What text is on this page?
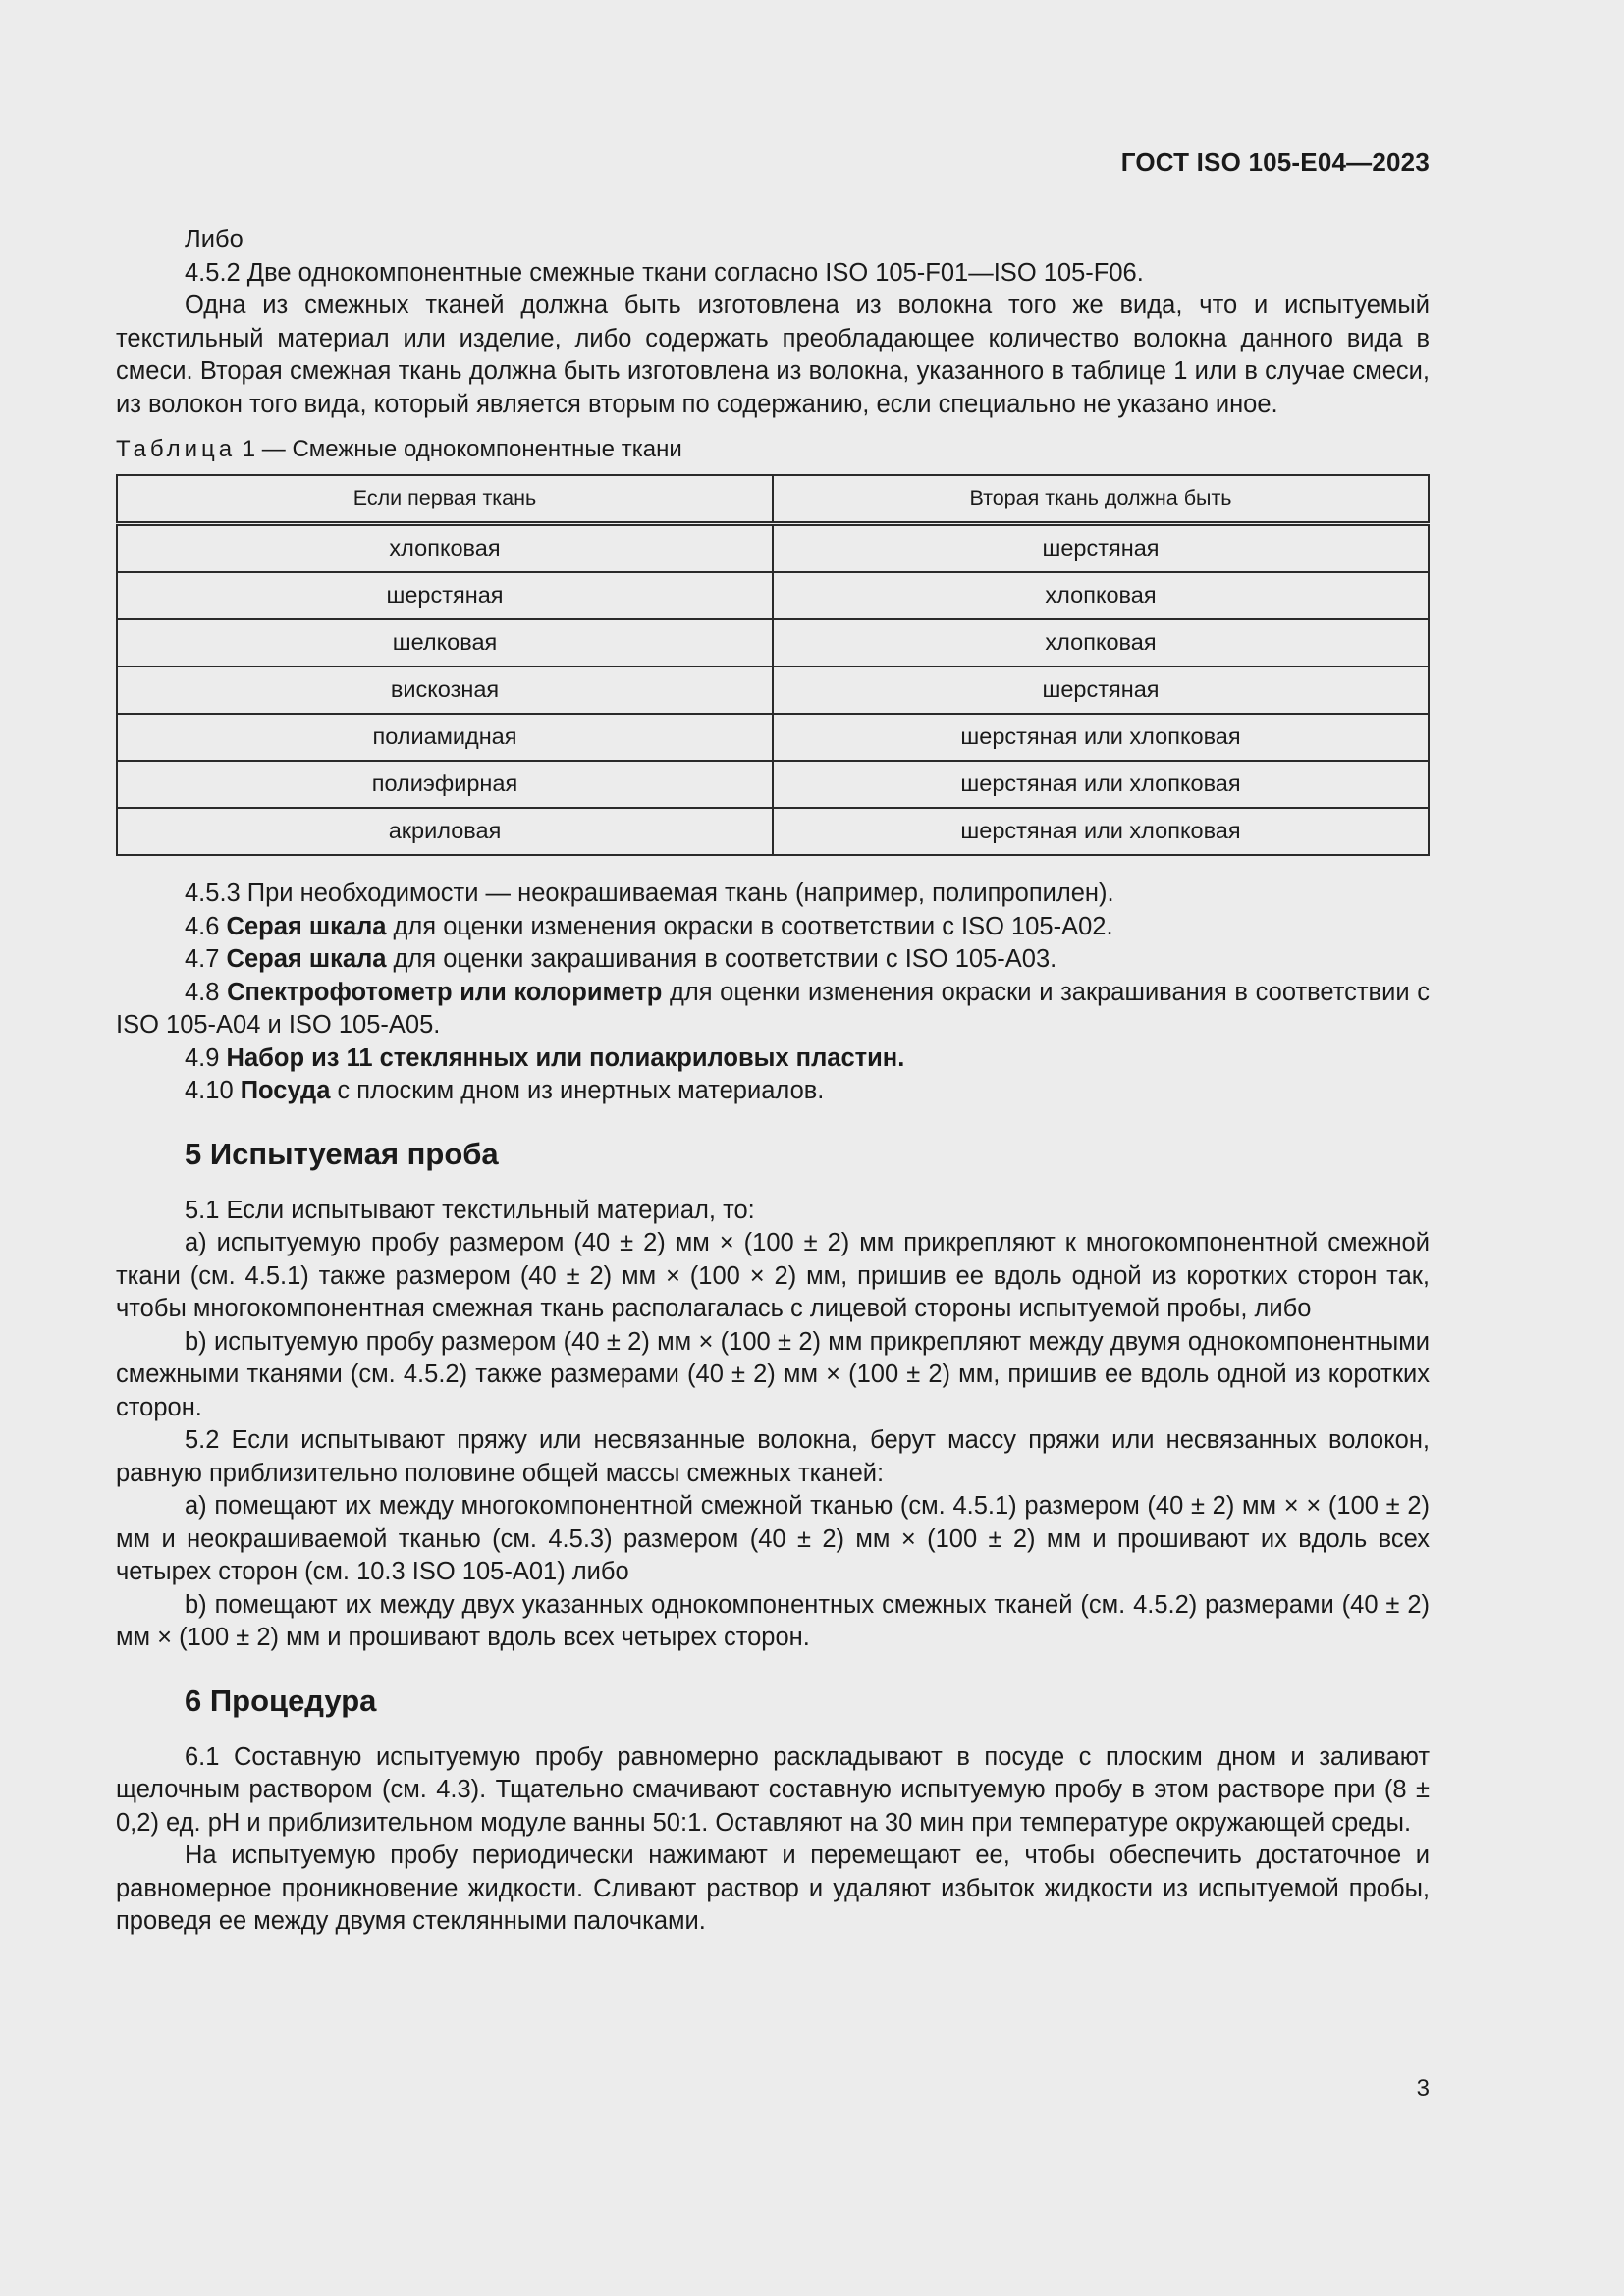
ГОСТ ISO 105-E04—2023

Либо

4.5.2 Две однокомпонентные смежные ткани согласно ISO 105-F01—ISO 105-F06.

Одна из смежных тканей должна быть изготовлена из волокна того же вида, что и испытуемый текстильный материал или изделие, либо содержать преобладающее количество волокна данного вида в смеси. Вторая смежная ткань должна быть изготовлена из волокна, указанного в таблице 1 или в случае смеси, из волокон того вида, который является вторым по содержанию, если специально не указано иное.

Таблица 1 — Смежные однокомпонентные ткани
Если первая ткань	Вторая ткань должна быть
хлопковая	шерстяная
шерстяная	хлопковая
шелковая	хлопковая
вискозная	шерстяная
полиамидная	шерстяная или хлопковая
полиэфирная	шерстяная или хлопковая
акриловая	шерстяная или хлопковая

4.5.3 При необходимости — неокрашиваемая ткань (например, полипропилен).

4.6 Серая шкала для оценки изменения окраски в соответствии с ISO 105-A02.

4.7 Серая шкала для оценки закрашивания в соответствии с ISO 105-A03.

4.8 Спектрофотометр или колориметр для оценки изменения окраски и закрашивания в соответствии с ISO 105-A04 и ISO 105-A05.

4.9 Набор из 11 стеклянных или полиакриловых пластин.

4.10 Посуда с плоским дном из инертных материалов.

5 Испытуемая проба

5.1 Если испытывают текстильный материал, то:

a) испытуемую пробу размером (40 ± 2) мм × (100 ± 2) мм прикрепляют к многокомпонентной смежной ткани (см. 4.5.1) также размером (40 ± 2) мм × (100 × 2) мм, пришив ее вдоль одной из коротких сторон так, чтобы многокомпонентная смежная ткань располагалась с лицевой стороны испытуемой пробы, либо

b) испытуемую пробу размером (40 ± 2) мм × (100 ± 2) мм прикрепляют между двумя однокомпонентными смежными тканями (см. 4.5.2) также размерами (40 ± 2) мм × (100 ± 2) мм, пришив ее вдоль одной из коротких сторон.

5.2 Если испытывают пряжу или несвязанные волокна, берут массу пряжи или несвязанных волокон, равную приблизительно половине общей массы смежных тканей:

a) помещают их между многокомпонентной смежной тканью (см. 4.5.1) размером (40 ± 2) мм × × (100 ± 2) мм и неокрашиваемой тканью (см. 4.5.3) размером (40 ± 2) мм × (100 ± 2) мм и прошивают их вдоль всех четырех сторон (см. 10.3 ISO 105-A01) либо

b) помещают их между двух указанных однокомпонентных смежных тканей (см. 4.5.2) размерами (40 ± 2) мм × (100 ± 2) мм и прошивают вдоль всех четырех сторон.

6 Процедура

6.1 Составную испытуемую пробу равномерно раскладывают в посуде с плоским дном и заливают щелочным раствором (см. 4.3). Тщательно смачивают составную испытуемую пробу в этом растворе при (8 ± 0,2) ед. pH и приблизительном модуле ванны 50:1. Оставляют на 30 мин при температуре окружающей среды.

На испытуемую пробу периодически нажимают и перемещают ее, чтобы обеспечить достаточное и равномерное проникновение жидкости. Сливают раствор и удаляют избыток жидкости из испытуемой пробы, проведя ее между двумя стеклянными палочками.

3
